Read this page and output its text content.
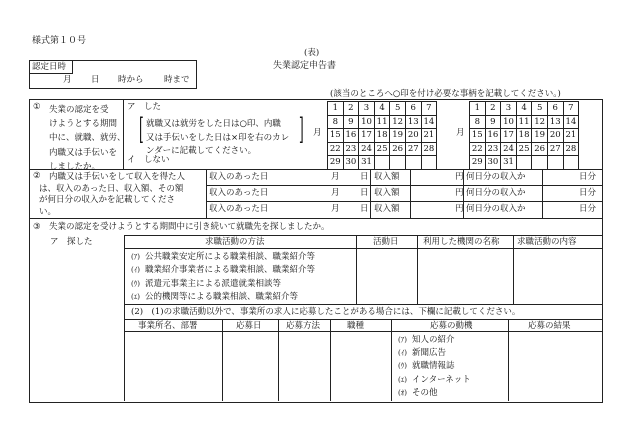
様式第１０号
(表)
失業認定申告書
認定日時
月 日 時から 時まで
(該当のところへ○印を付け必要な事柄を記載してください。)
① 失業の認定を受
けようとする期間
中に、就職、就労、
内職又は手伝いを
しましたか。
ア　した
イ　しない
[	]
就職又は就労をした日は○印、内職
又は手伝いをした日は×印を右のカレ
ンダーに記載してください。
月
1	2	3	4	5	6	7
8	9	10	11	12	13	14
15	16	17	18	19	20	21
22	23	24	25	26	27	28
29	30	31				
月
1	2	3	4	5	6	7
8	9	10	11	12	13	14
15	16	17	18	19	20	21
22	23	24	25	26	27	28
29	30	31				
② 内職又は手伝いをして収入を得た人
は、収入のあった日、収入額、その額
が何日分の収入かを記載してくださ
い。
収入のあった日	月 日 収入額	円 何日分の収入か	日分
収入のあった日	月 日 収入額	円 何日分の収入か	日分
収入のあった日	月 日 収入額	円 何日分の収入か	日分
③ 失業の認定を受けようとする期間中に引き続いて就職先を探しましたか。
ア　探した	求職活動の方法	活動日	利用した機関の名称 求職活動の内容
(ｱ) 公共職業安定所による職業相談、職業紹介等
(ｲ) 職業紹介事業者による職業相談、職業紹介等
(ｳ) 派遣元事業主による派遣就業相談等
(ｴ) 公的機関等による職業相談、職業紹介等
(2)　(1)の求職活動以外で、事業所の求人に応募したことがある場合には、下欄に記載してください。
事業所名、部署	応募日	応募方法	職種	応募の動機	応募の結果
(ｱ) 知人の紹介
(ｲ) 新聞広告
(ｳ) 就職情報誌
(ｴ) インターネット
(ｵ) その他
